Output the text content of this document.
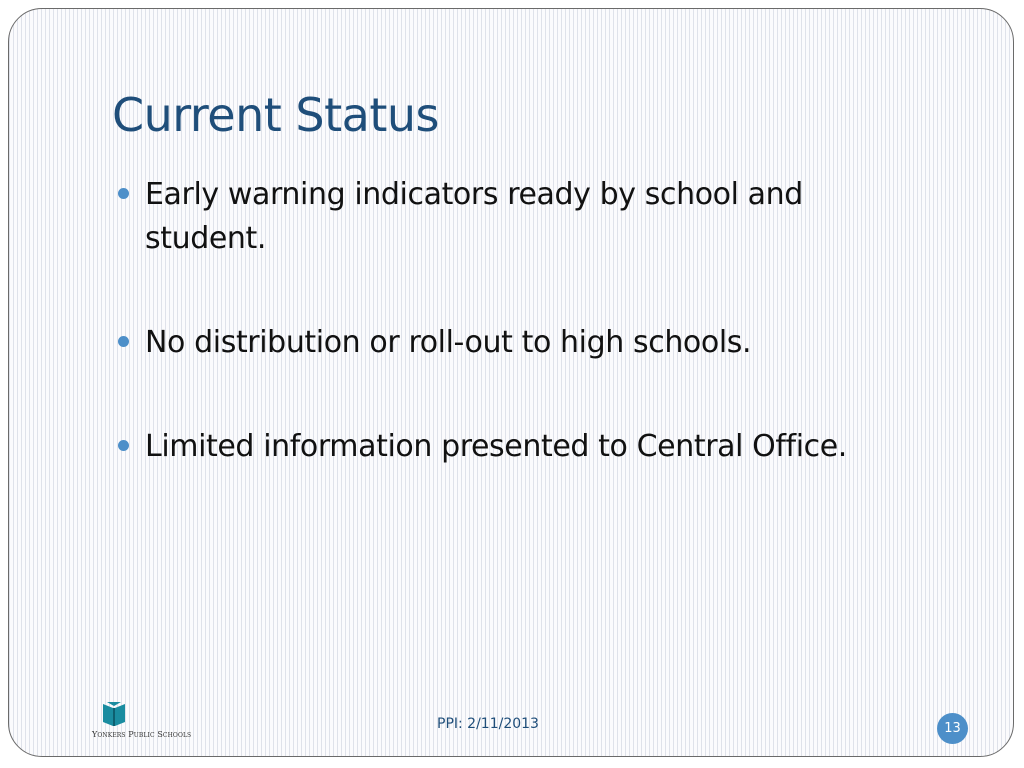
Current Status
Early warning indicators ready by school and student.
No distribution or roll-out to high schools.
Limited information presented to Central Office.
Yonkers Public Schools
PPI: 2/11/2013	13
